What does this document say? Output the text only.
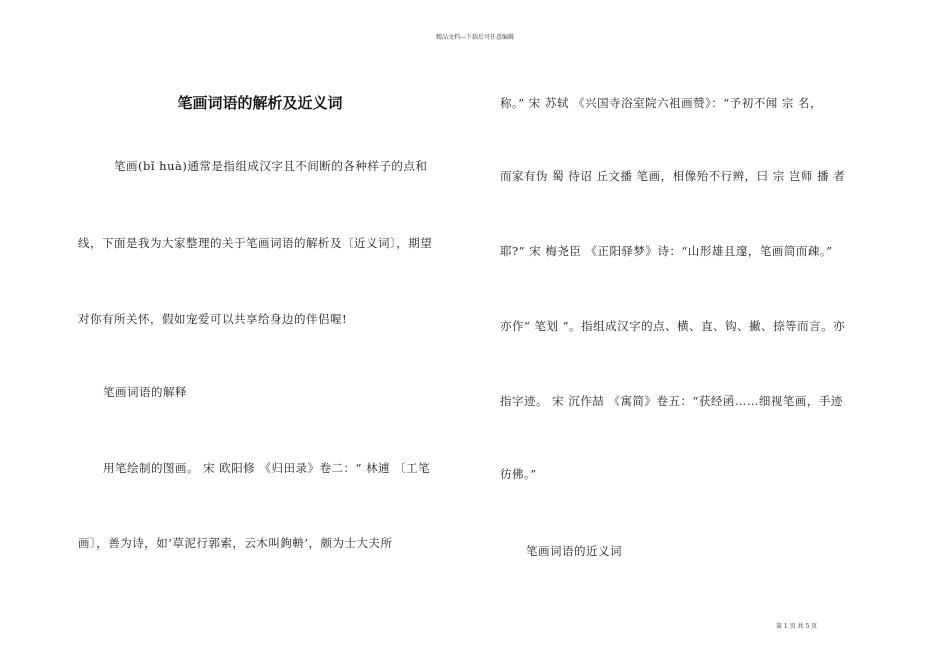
精品文档---下载后可任意编辑
笔画词语的解析及近义词
笔画(bǐ huà)通常是指组成汉字且不间断的各种样子的点和
线，下面是我为大家整理的关于笔画词语的解析及〔近义词〕，期望
对你有所关怀，假如宠爱可以共享给身边的伴侣喔!
笔画词语的解释
用笔绘制的图画。 宋 欧阳修 《归田录》卷二：“ 林逋 〔工笔
画〕，善为诗，如‘草泥行郭索，云木叫鉤輈’，颇为士大夫所
称。” 宋 苏轼 《兴国寺浴室院六祖画赞》：“予初不闻 宗 名，
而家有伪 蜀 待诏 丘文播 笔画，相像殆不行辨，曰 宗 岂师 播 者
耶?” 宋 梅尧臣 《正阳驿梦》诗：“山形雄且邃，笔画简而疎。”
亦作“ 笔划 ”。指组成汉字的点、横、直、钩、撇、捺等而言。亦
指字迹。 宋 沉作喆 《寓简》卷五：“获经函……细视笔画，手迹
彷佛。”
笔画词语的近义词
第 1 页 共 5 页
